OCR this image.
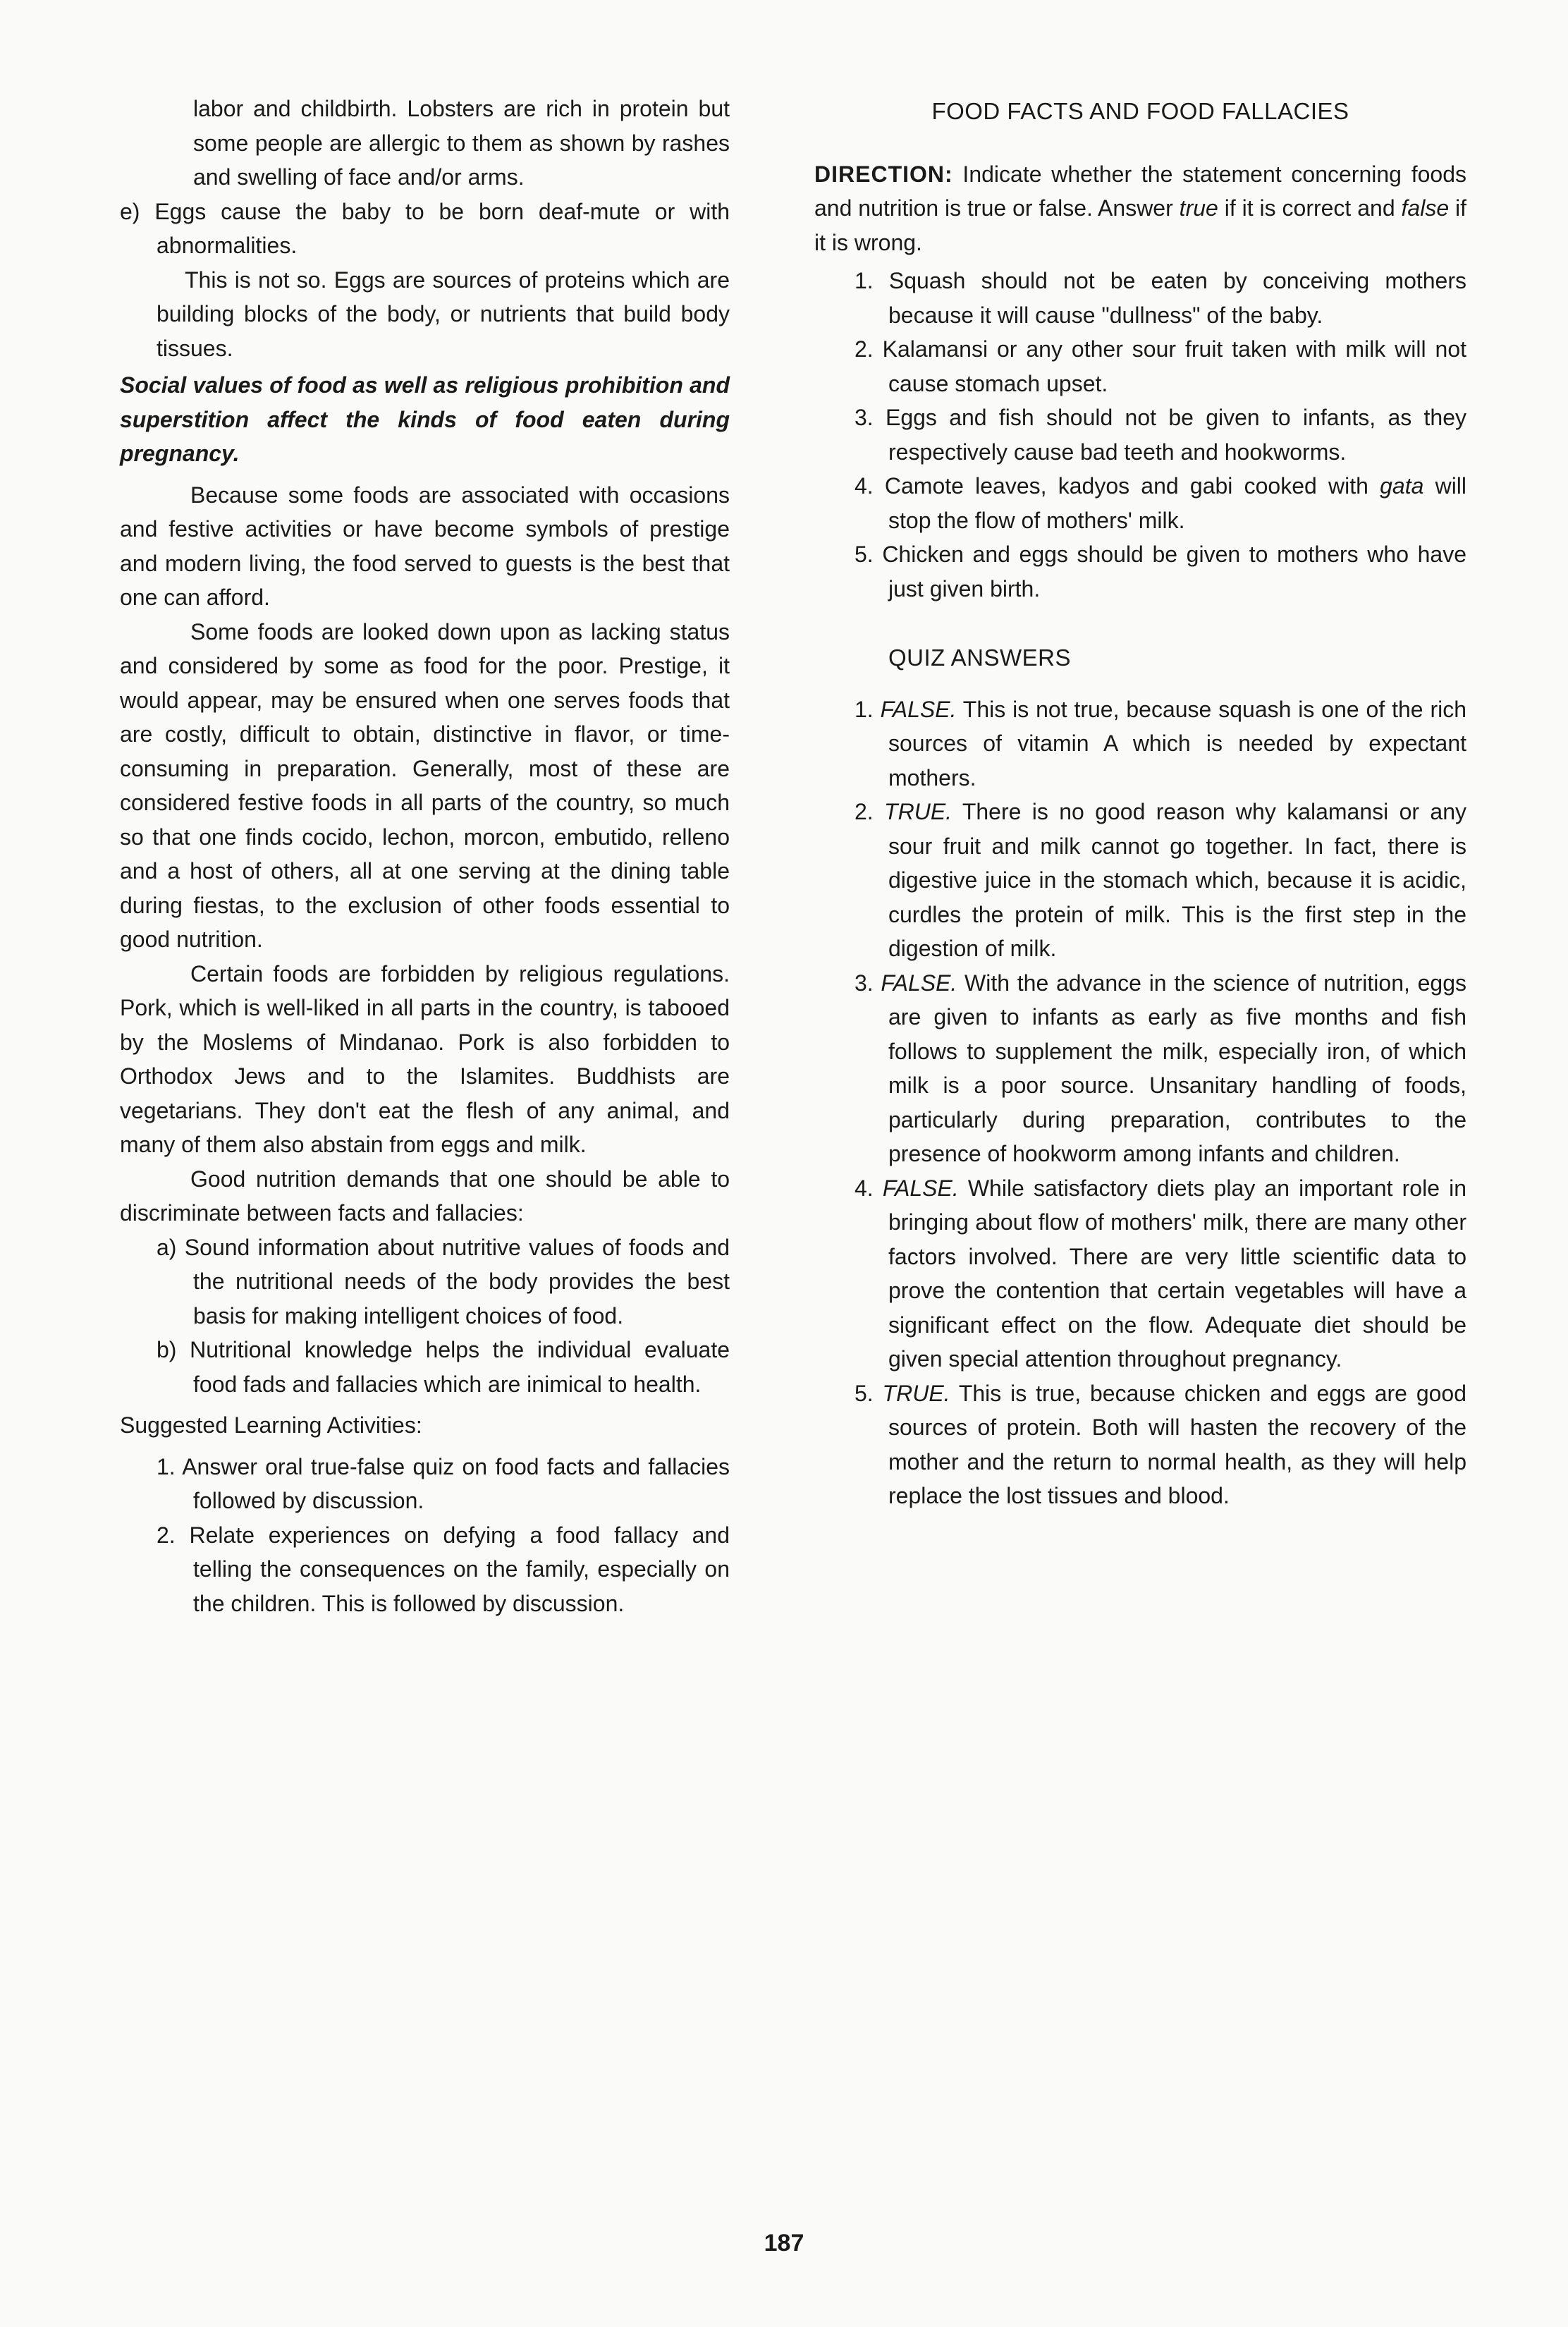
labor and childbirth. Lobsters are rich in protein but some people are allergic to them as shown by rashes and swelling of face and/or arms.

e) Eggs cause the baby to be born deaf-mute or with abnormalities.

This is not so. Eggs are sources of proteins which are building blocks of the body, or nutrients that build body tissues.

Social values of food as well as religious prohibition and superstition affect the kinds of food eaten during pregnancy.

Because some foods are associated with occasions and festive activities or have become symbols of prestige and modern living, the food served to guests is the best that one can afford.

Some foods are looked down upon as lacking status and considered by some as food for the poor. Prestige, it would appear, may be ensured when one serves foods that are costly, difficult to obtain, distinctive in flavor, or time-consuming in preparation. Generally, most of these are considered festive foods in all parts of the country, so much so that one finds cocido, lechon, morcon, embutido, relleno and a host of others, all at one serving at the dining table during fiestas, to the exclusion of other foods essential to good nutrition.

Certain foods are forbidden by religious regulations. Pork, which is well-liked in all parts in the country, is tabooed by the Moslems of Mindanao. Pork is also forbidden to Orthodox Jews and to the Islamites. Buddhists are vegetarians. They don't eat the flesh of any animal, and many of them also abstain from eggs and milk.

Good nutrition demands that one should be able to discriminate between facts and fallacies:

a) Sound information about nutritive values of foods and the nutritional needs of the body provides the best basis for making intelligent choices of food.

b) Nutritional knowledge helps the individual evaluate food fads and fallacies which are inimical to health.

Suggested Learning Activities:

1. Answer oral true-false quiz on food facts and fallacies followed by discussion.

2. Relate experiences on defying a food fallacy and telling the consequences on the family, especially on the children. This is followed by discussion.

FOOD FACTS AND FOOD FALLACIES

DIRECTION: Indicate whether the statement concerning foods and nutrition is true or false. Answer true if it is correct and false if it is wrong.

1. Squash should not be eaten by conceiving mothers because it will cause "dullness" of the baby.

2. Kalamansi or any other sour fruit taken with milk will not cause stomach upset.

3. Eggs and fish should not be given to infants, as they respectively cause bad teeth and hookworms.

4. Camote leaves, kadyos and gabi cooked with gata will stop the flow of mothers' milk.

5. Chicken and eggs should be given to mothers who have just given birth.

QUIZ ANSWERS

1. FALSE. This is not true, because squash is one of the rich sources of vitamin A which is needed by expectant mothers.

2. TRUE. There is no good reason why kalamansi or any sour fruit and milk cannot go together. In fact, there is digestive juice in the stomach which, because it is acidic, curdles the protein of milk. This is the first step in the digestion of milk.

3. FALSE. With the advance in the science of nutrition, eggs are given to infants as early as five months and fish follows to supplement the milk, especially iron, of which milk is a poor source. Unsanitary handling of foods, particularly during preparation, contributes to the presence of hookworm among infants and children.

4. FALSE. While satisfactory diets play an important role in bringing about flow of mothers' milk, there are many other factors involved. There are very little scientific data to prove the contention that certain vegetables will have a significant effect on the flow. Adequate diet should be given special attention throughout pregnancy.

5. TRUE. This is true, because chicken and eggs are good sources of protein. Both will hasten the recovery of the mother and the return to normal health, as they will help replace the lost tissues and blood.

187
